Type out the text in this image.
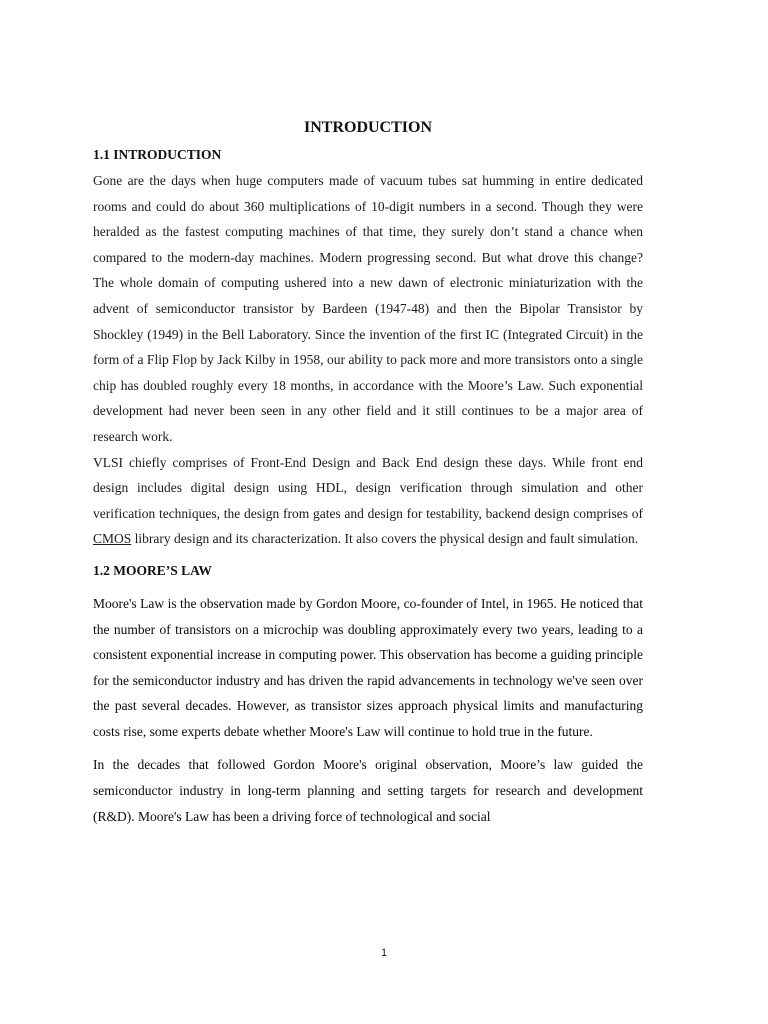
INTRODUCTION
1.1 INTRODUCTION

Gone are the days when huge computers made of vacuum tubes sat humming in entire dedicated rooms and could do about 360 multiplications of 10-digit numbers in a second. Though they were heralded as the fastest computing machines of that time, they surely don’t stand a chance when compared to the modern-day machines. Modern progressing second. But what drove this change? The whole domain of computing ushered into a new dawn of electronic miniaturization with the advent of semiconductor transistor by Bardeen (1947-48) and then the Bipolar Transistor by Shockley (1949) in the Bell Laboratory. Since the invention of the first IC (Integrated Circuit) in the form of a Flip Flop by Jack Kilby in 1958, our ability to pack more and more transistors onto a single chip has doubled roughly every 18 months, in accordance with the Moore’s Law. Such exponential development had never been seen in any other field and it still continues to be a major area of research work.

VLSI chiefly comprises of Front-End Design and Back End design these days. While front end design includes digital design using HDL, design verification through simulation and other verification techniques, the design from gates and design for testability, backend design comprises of CMOS library design and its characterization. It also covers the physical design and fault simulation.

1.2 MOORE’S LAW

Moore's Law is the observation made by Gordon Moore, co-founder of Intel, in 1965. He noticed that the number of transistors on a microchip was doubling approximately every two years, leading to a consistent exponential increase in computing power. This observation has become a guiding principle for the semiconductor industry and has driven the rapid advancements in technology we've seen over the past several decades. However, as transistor sizes approach physical limits and manufacturing costs rise, some experts debate whether Moore's Law will continue to hold true in the future.

In the decades that followed Gordon Moore's original observation, Moore’s law guided the semiconductor industry in long-term planning and setting targets for research and development (R&D). Moore's Law has been a driving force of technological and social

1
